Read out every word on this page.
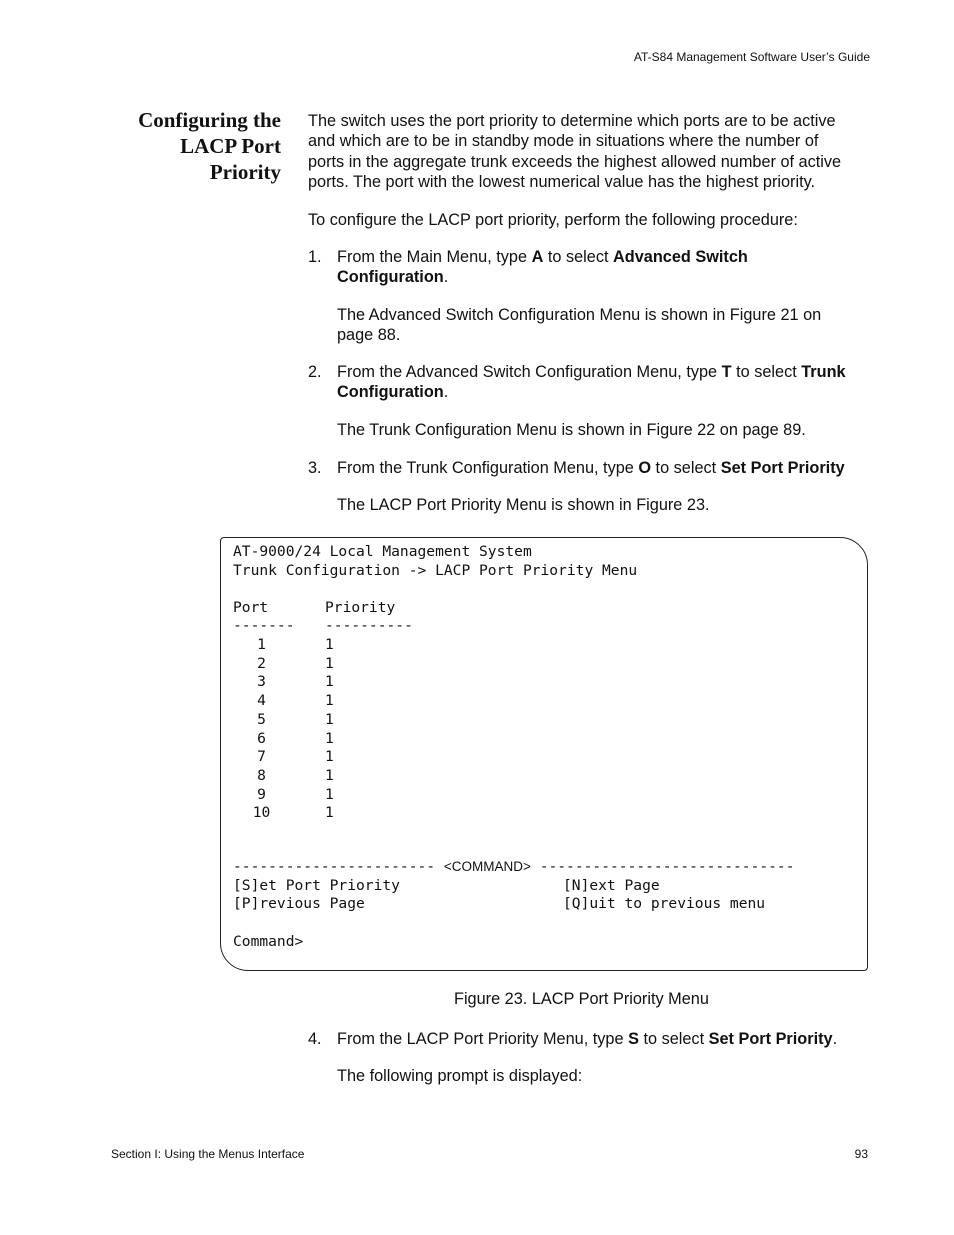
AT-S84 Management Software User’s Guide
Configuring the
LACP Port
Priority
The switch uses the port priority to determine which ports are to be active
and which are to be in standby mode in situations where the number of
ports in the aggregate trunk exceeds the highest allowed number of active
ports. The port with the lowest numerical value has the highest priority.
To configure the LACP port priority, perform the following procedure:
1. From the Main Menu, type A to select Advanced Switch
Configuration.
The Advanced Switch Configuration Menu is shown in Figure 21 on
page 88.
2. From the Advanced Switch Configuration Menu, type T to select Trunk
Configuration.
The Trunk Configuration Menu is shown in Figure 22 on page 89.
3. From the Trunk Configuration Menu, type O to select Set Port Priority
The LACP Port Priority Menu is shown in Figure 23.
AT-9000/24 Local Management System
Trunk Configuration -> LACP Port Priority Menu
Port	Priority
------- ----------
1	1
2	1
3	1
4	1
5	1
6	1
7	1
8	1
9	1
10	1
----------------------- <COMMAND> -----------------------------
[S]et Port Priority	[N]ext Page
[P]revious Page	[Q]uit to previous menu
Command>
Figure 23. LACP Port Priority Menu
4. From the LACP Port Priority Menu, type S to select Set Port Priority.
The following prompt is displayed:
Section I: Using the Menus Interface	93
